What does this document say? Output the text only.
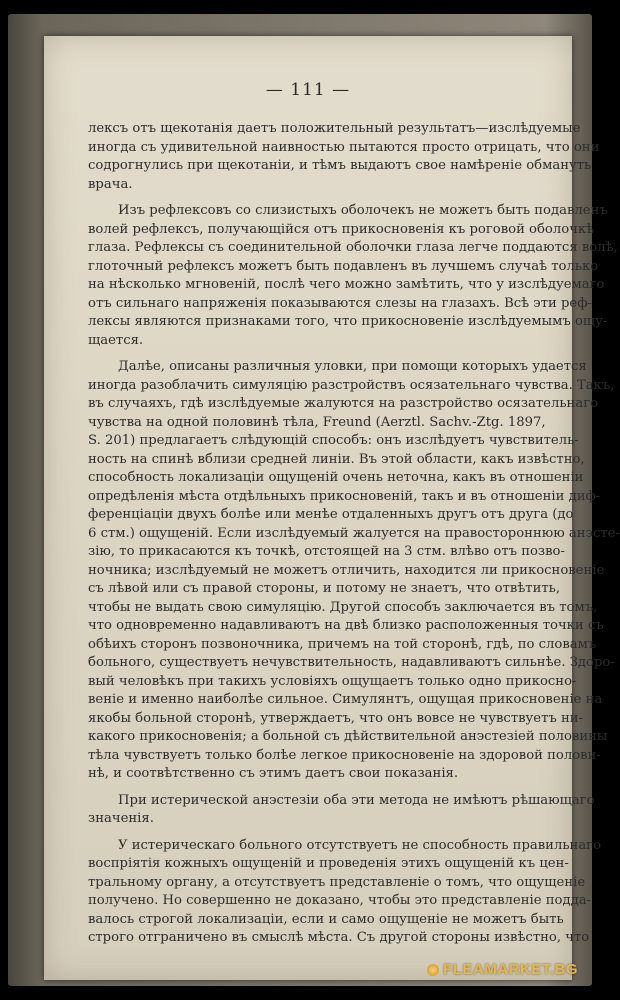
— 111 —
лексъ отъ щекотанія даетъ положительный результатъ—изслѣдуемые
иногда съ удивительной наивностью пытаются просто отрицать, что они
содрогнулись при щекотаніи, и тѣмъ выдаютъ свое намѣреніе обмануть
врача.
Изъ рефлексовъ со слизистыхъ оболочекъ не можетъ быть подавленъ
волей рефлексъ, получающійся отъ прикосновенія къ роговой оболочкѣ
глаза. Рефлексы съ соединительной оболочки глаза легче поддаются волѣ,
глоточный рефлексъ можетъ быть подавленъ въ лучшемъ случаѣ только
на нѣсколько мгновеній, послѣ чего можно замѣтить, что у изслѣдуемаго
отъ сильнаго напряженія показываются слезы на глазахъ. Всѣ эти реф-
лексы являются признаками того, что прикосновеніе изслѣдуемымъ ощу-
щается.
Далѣе, описаны различныя уловки, при помощи которыхъ удается
иногда разоблачить симуляцію разстройствъ осязательнаго чувства. Такъ,
въ случаяхъ, гдѣ изслѣдуемые жалуются на разстройство осязательнаго
чувства на одной половинѣ тѣла, Freund (Aerztl. Sachv.-Ztg. 1897,
S. 201) предлагаетъ слѣдующій способъ: онъ изслѣдуетъ чувствитель-
ность на спинѣ вблизи средней линіи. Въ этой области, какъ извѣстно,
способность локализаціи ощущеній очень неточна, какъ въ отношеніи
опредѣленія мѣста отдѣльныхъ прикосновеній, такъ и въ отношеніи диф-
ференціаціи двухъ болѣе или менѣе отдаленныхъ другъ отъ друга (до
6 стм.) ощущеній. Если изслѣдуемый жалуется на правостороннюю анэсте-
зію, то прикасаются къ точкѣ, отстоящей на 3 стм. влѣво отъ позво-
ночника; изслѣдуемый не можетъ отличить, находится ли прикосновеніе
съ лѣвой или съ правой стороны, и потому не знаетъ, что отвѣтить,
чтобы не выдать свою симуляцію. Другой способъ заключается въ томъ,
что одновременно надавливаютъ на двѣ близко расположенныя точки съ
обѣихъ сторонъ позвоночника, причемъ на той сторонѣ, гдѣ, по словамъ
больного, существуетъ нечувствительность, надавливаютъ сильнѣе. Здоро-
вый человѣкъ при такихъ условіяхъ ощущаетъ только одно прикосно-
веніе и именно наиболѣе сильное. Симулянтъ, ощущая прикосновеніе на
якобы больной сторонѣ, утверждаетъ, что онъ вовсе не чувствуетъ ни-
какого прикосновенія; а больной съ дѣйствительной анэстезіей половины
тѣла чувствуетъ только болѣе легкое прикосновеніе на здоровой полови-
нѣ, и соотвѣтственно съ этимъ даетъ свои показанія.
При истерической анэстезіи оба эти метода не имѣютъ рѣшающаго
значенія.
У истерическаго больного отсутствуетъ не способность правильнаго
воспріятія кожныхъ ощущеній и проведенія этихъ ощущеній къ цен-
тральному органу, а отсутствуетъ представленіе о томъ, что ощущеніе
получено. Но совершенно не доказано, чтобы это представленіе подда-
валось строгой локализаціи, если и само ощущеніе не можетъ быть
строго отграничено въ смыслѣ мѣста. Съ другой стороны извѣстно, что
FLEAMARKET.BG
